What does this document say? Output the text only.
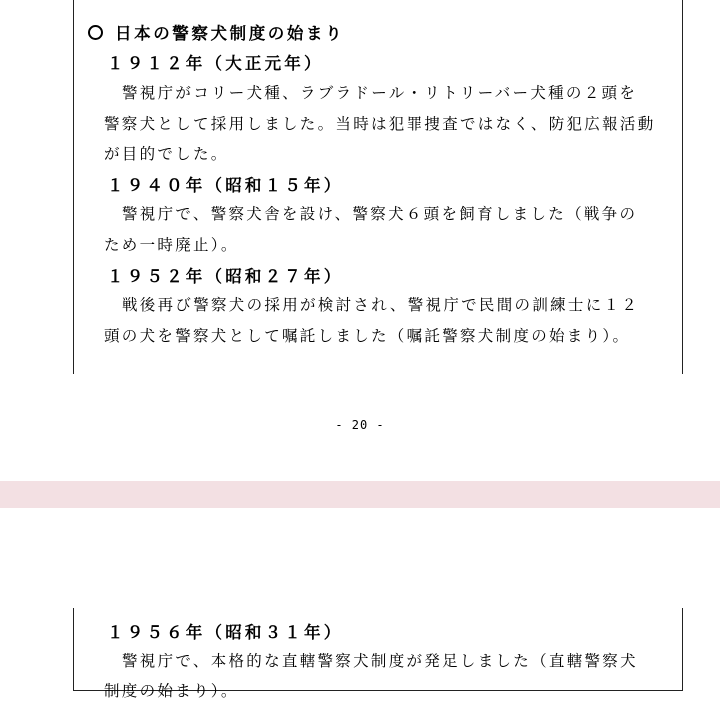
日本の警察犬制度の始まり
１９１２年（大正元年）
警視庁がコリー犬種、ラブラドール・リトリーバー犬種の２頭を
警察犬として採用しました。当時は犯罪捜査ではなく、防犯広報活動
が目的でした。
１９４０年（昭和１５年）
警視庁で、警察犬舎を設け、警察犬６頭を飼育しました（戦争の
ため一時廃止）。
１９５２年（昭和２７年）
戦後再び警察犬の採用が検討され、警視庁で民間の訓練士に１２
頭の犬を警察犬として嘱託しました（嘱託警察犬制度の始まり）。
- 20 -
１９５６年（昭和３１年）
警視庁で、本格的な直轄警察犬制度が発足しました（直轄警察犬
制度の始まり）。
